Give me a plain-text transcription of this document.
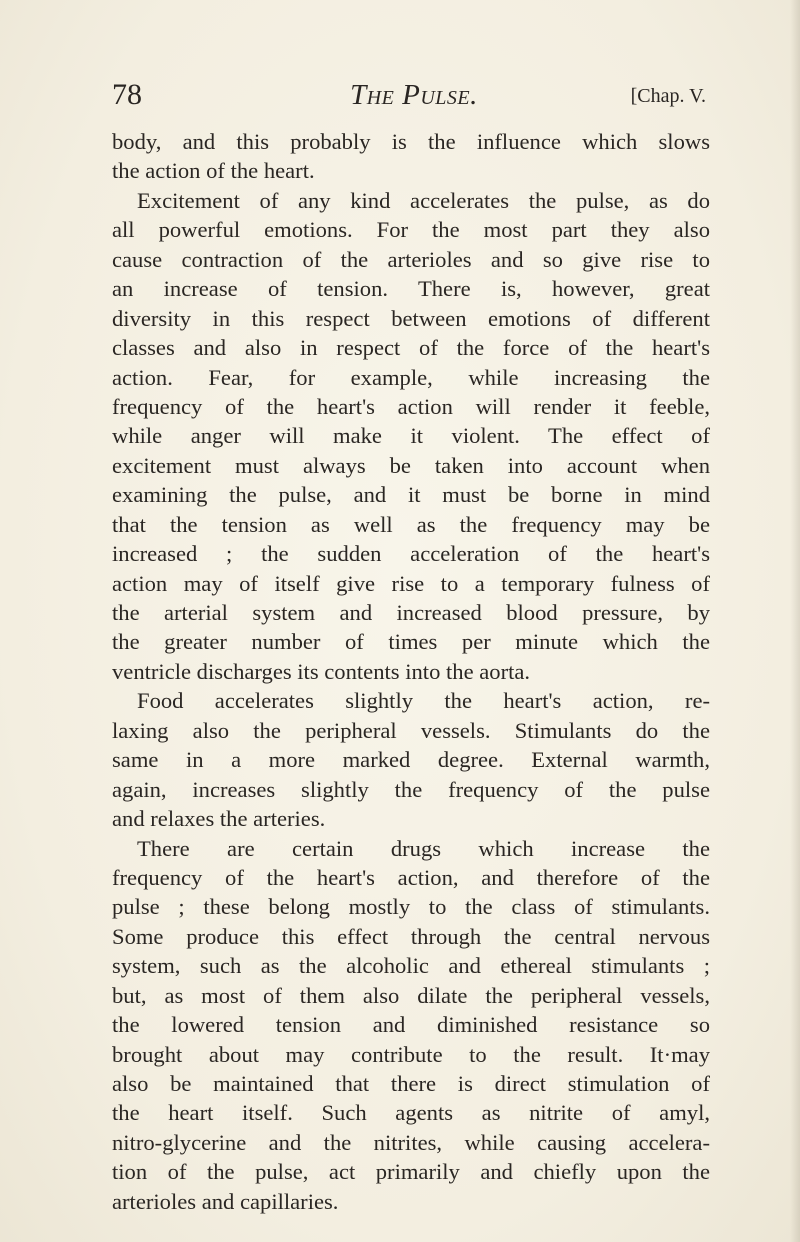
78	The Pulse.	[Chap. V.
body, and this probably is the influence which slows
the action of the heart.
Excitement of any kind accelerates the pulse, as do
all powerful emotions. For the most part they also
cause contraction of the arterioles and so give rise to
an increase of tension. There is, however, great
diversity in this respect between emotions of different
classes and also in respect of the force of the heart's
action. Fear, for example, while increasing the
frequency of the heart's action will render it feeble,
while anger will make it violent. The effect of
excitement must always be taken into account when
examining the pulse, and it must be borne in mind
that the tension as well as the frequency may be
increased ; the sudden acceleration of the heart's
action may of itself give rise to a temporary fulness of
the arterial system and increased blood pressure, by
the greater number of times per minute which the
ventricle discharges its contents into the aorta.
Food accelerates slightly the heart's action, re-
laxing also the peripheral vessels. Stimulants do the
same in a more marked degree. External warmth,
again, increases slightly the frequency of the pulse
and relaxes the arteries.
There are certain drugs which increase the
frequency of the heart's action, and therefore of the
pulse ; these belong mostly to the class of stimulants.
Some produce this effect through the central nervous
system, such as the alcoholic and ethereal stimulants ;
but, as most of them also dilate the peripheral vessels,
the lowered tension and diminished resistance so
brought about may contribute to the result. It·may
also be maintained that there is direct stimulation of
the heart itself. Such agents as nitrite of amyl,
nitro-glycerine and the nitrites, while causing accelera-
tion of the pulse, act primarily and chiefly upon the
arterioles and capillaries.
